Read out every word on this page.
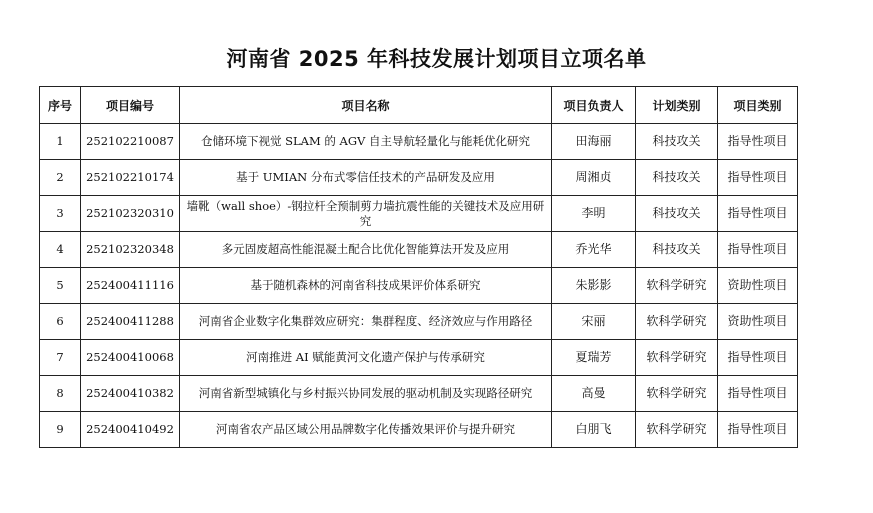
河南省 2025 年科技发展计划项目立项名单
序号	项目编号	项目名称	项目负责人	计划类别	项目类别
1	252102210087	仓储环境下视觉 SLAM 的 AGV 自主导航轻量化与能耗优化研究	田海丽	科技攻关	指导性项目
2	252102210174	基于 UMIAN 分布式零信任技术的产品研发及应用	周湘贞	科技攻关	指导性项目
3	252102320310	墙靴（wall shoe）-钢拉杆全预制剪力墙抗震性能的关键技术及应用研究	李明	科技攻关	指导性项目
4	252102320348	多元固废超高性能混凝土配合比优化智能算法开发及应用	乔光华	科技攻关	指导性项目
5	252400411116	基于随机森林的河南省科技成果评价体系研究	朱影影	软科学研究	资助性项目
6	252400411288	河南省企业数字化集群效应研究：集群程度、经济效应与作用路径	宋丽	软科学研究	资助性项目
7	252400410068	河南推进 AI 赋能黄河文化遗产保护与传承研究	夏瑞芳	软科学研究	指导性项目
8	252400410382	河南省新型城镇化与乡村振兴协同发展的驱动机制及实现路径研究	高曼	软科学研究	指导性项目
9	252400410492	河南省农产品区域公用品牌数字化传播效果评价与提升研究	白朋飞	软科学研究	指导性项目
